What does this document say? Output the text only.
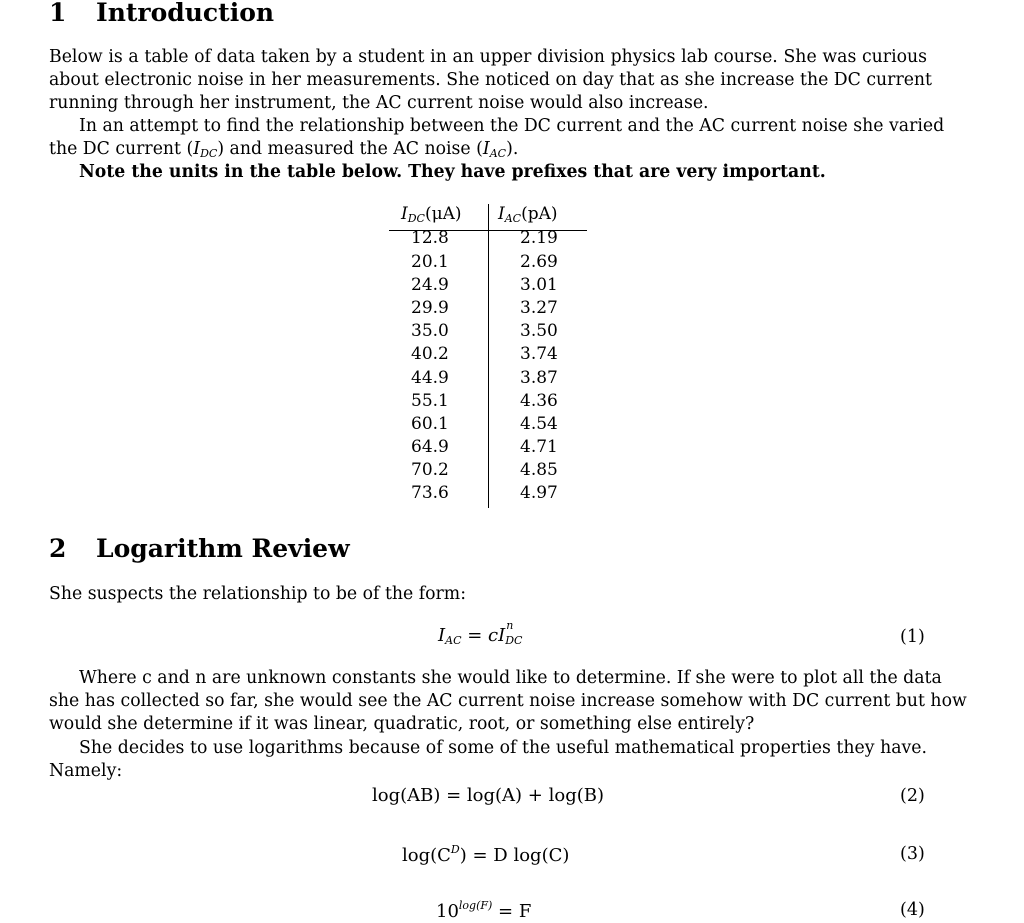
1 Introduction
Below is a table of data taken by a student in an upper division physics lab course. She was curious
about electronic noise in her measurements. She noticed on day that as she increase the DC current
running through her instrument, the AC current noise would also increase.
In an attempt to find the relationship between the DC current and the AC current noise she varied
the DC current $(I_{DC})$ and measured the AC noise $(I_{AC})$.
Note the units in the table below. They have prefixes that are very important.
$I_{DC}(\mu A)$ $I_{AC}(pA)$
12.8	2.19
20.1	2.69
24.9	3.01
29.9	3.27
35.0	3.50
40.2	3.74
44.9	3.87
55.1	4.36
60.1	4.54
64.9	4.71
70.2	4.85
73.6	4.97
2 Logarithm Review
She suspects the relationship to be of the form:
$I_{AC}$ = cI $_{n DC}$	(1)
Where c and n are unknown constants she would like to determine. If she were to plot all the data
she has collected so far, she would see the AC current noise increase somehow with DC current but how
would she determine if it was linear, quadratic, root, or something else entirely?
She decides to use logarithms because of some of the useful mathematical properties they have.
Namely:
log(AB) = log(A) + log(B)	(2)
$\log(C^D) = D$ log(C)	(3)
$10^{log(F)} = F$	(4)
